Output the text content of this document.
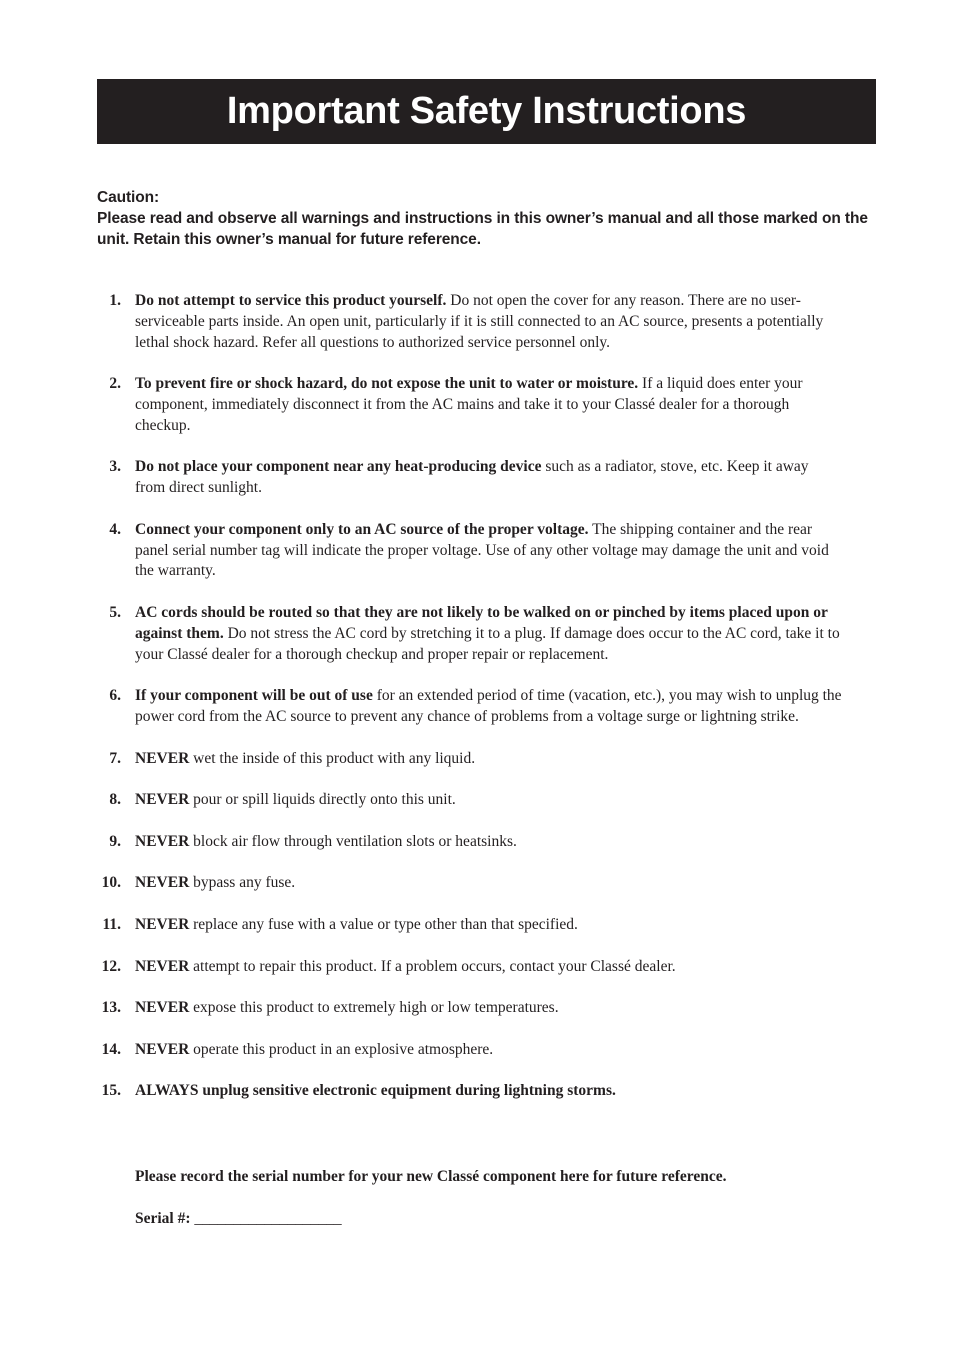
Important Safety Instructions
Caution:
Please read and observe all warnings and instructions in this owner’s manual and all those marked on the unit. Retain this owner’s manual for future reference.
1. Do not attempt to service this product yourself. Do not open the cover for any reason. There are no user-serviceable parts inside. An open unit, particularly if it is still connected to an AC source, presents a potentially lethal shock hazard. Refer all questions to authorized service personnel only.
2. To prevent fire or shock hazard, do not expose the unit to water or moisture. If a liquid does enter your component, immediately disconnect it from the AC mains and take it to your Classé dealer for a thorough checkup.
3. Do not place your component near any heat-producing device such as a radiator, stove, etc. Keep it away from direct sunlight.
4. Connect your component only to an AC source of the proper voltage. The shipping container and the rear panel serial number tag will indicate the proper voltage. Use of any other voltage may damage the unit and void the warranty.
5. AC cords should be routed so that they are not likely to be walked on or pinched by items placed upon or against them. Do not stress the AC cord by stretching it to a plug. If damage does occur to the AC cord, take it to your Classé dealer for a thorough checkup and proper repair or replacement.
6. If your component will be out of use for an extended period of time (vacation, etc.), you may wish to unplug the power cord from the AC source to prevent any chance of problems from a voltage surge or lightning strike.
7. NEVER wet the inside of this product with any liquid.
8. NEVER pour or spill liquids directly onto this unit.
9. NEVER block air flow through ventilation slots or heatsinks.
10. NEVER bypass any fuse.
11. NEVER replace any fuse with a value or type other than that specified.
12. NEVER attempt to repair this product. If a problem occurs, contact your Classé dealer.
13. NEVER expose this product to extremely high or low temperatures.
14. NEVER operate this product in an explosive atmosphere.
15. ALWAYS unplug sensitive electronic equipment during lightning storms.
Please record the serial number for your new Classé component here for future reference.
Serial #: ___________________
